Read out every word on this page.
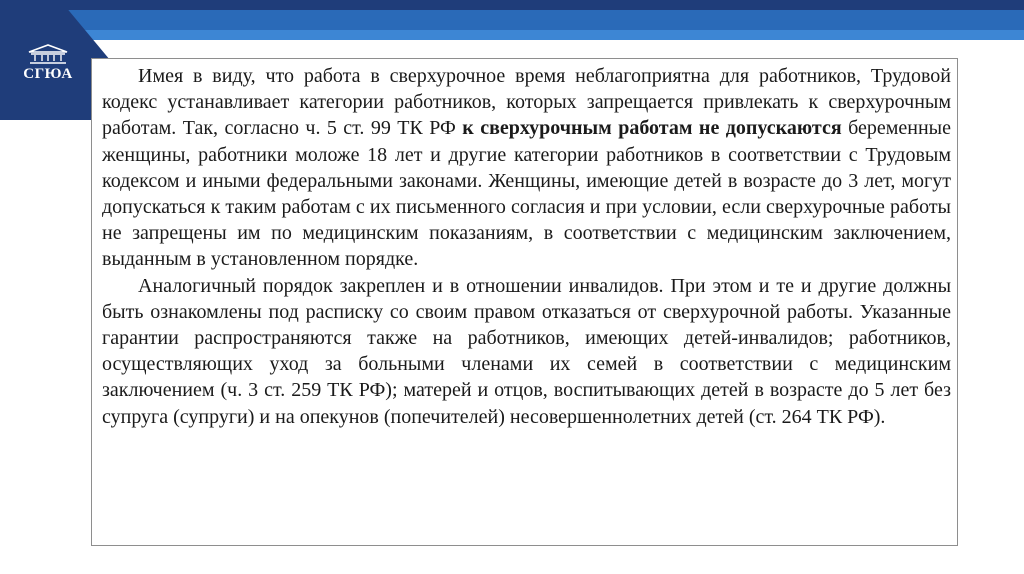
СГЮА	Имея в виду, что работа в сверхурочное время неблагоприятна для работников, Трудовой кодекс устанавливает категории работников, которых запрещается привлекать к сверхурочным работам. Так, согласно ч. 5 ст. 99 ТК РФ к сверхурочным работам не допускаются беременные женщины, работники моложе 18 лет и другие категории работников в соответствии с Трудовым кодексом и иными федеральными законами. Женщины, имеющие детей в возрасте до 3 лет, могут допускаться к таким работам с их письменного согласия и при условии, если сверхурочные работы не запрещены им по медицинским показаниям, в соответствии с медицинским заключением, выданным в установленном порядке.

Аналогичный порядок закреплен и в отношении инвалидов. При этом и те и другие должны быть ознакомлены под расписку со своим правом отказаться от сверхурочной работы. Указанные гарантии распространяются также на работников, имеющих детей-инвалидов; работников, осуществляющих уход за больными членами их семей в соответствии с медицинским заключением (ч. 3 ст. 259 ТК РФ); матерей и отцов, воспитывающих детей в возрасте до 5 лет без супруга (супруги) и на опекунов (попечителей) несовершеннолетних детей (ст. 264 ТК РФ).
